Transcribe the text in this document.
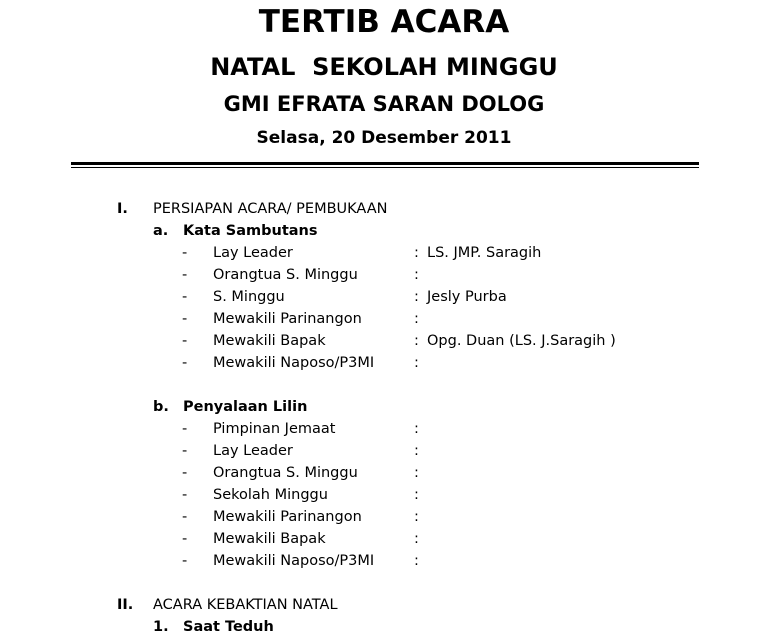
TERTIB ACARA
NATAL  SEKOLAH MINGGU
GMI EFRATA SARAN DOLOG
Selasa, 20 Desember 2011
I. PERSIAPAN ACARA/ PEMBUKAAN
a. Kata Sambutans
- Lay Leader	: LS. JMP. Saragih
- Orangtua S. Minggu	:
- S. Minggu	: Jesly Purba
- Mewakili Parinangon	:
- Mewakili Bapak	: Opg. Duan (LS. J.Saragih )
- Mewakili Naposo/P3MI	:
b. Penyalaan Lilin
- Pimpinan Jemaat	:
- Lay Leader	:
- Orangtua S. Minggu	:
- Sekolah Minggu	:
- Mewakili Parinangon	:
- Mewakili Bapak	:
- Mewakili Naposo/P3MI	:
II. ACARA KEBAKTIAN NATAL
1. Saat Teduh
